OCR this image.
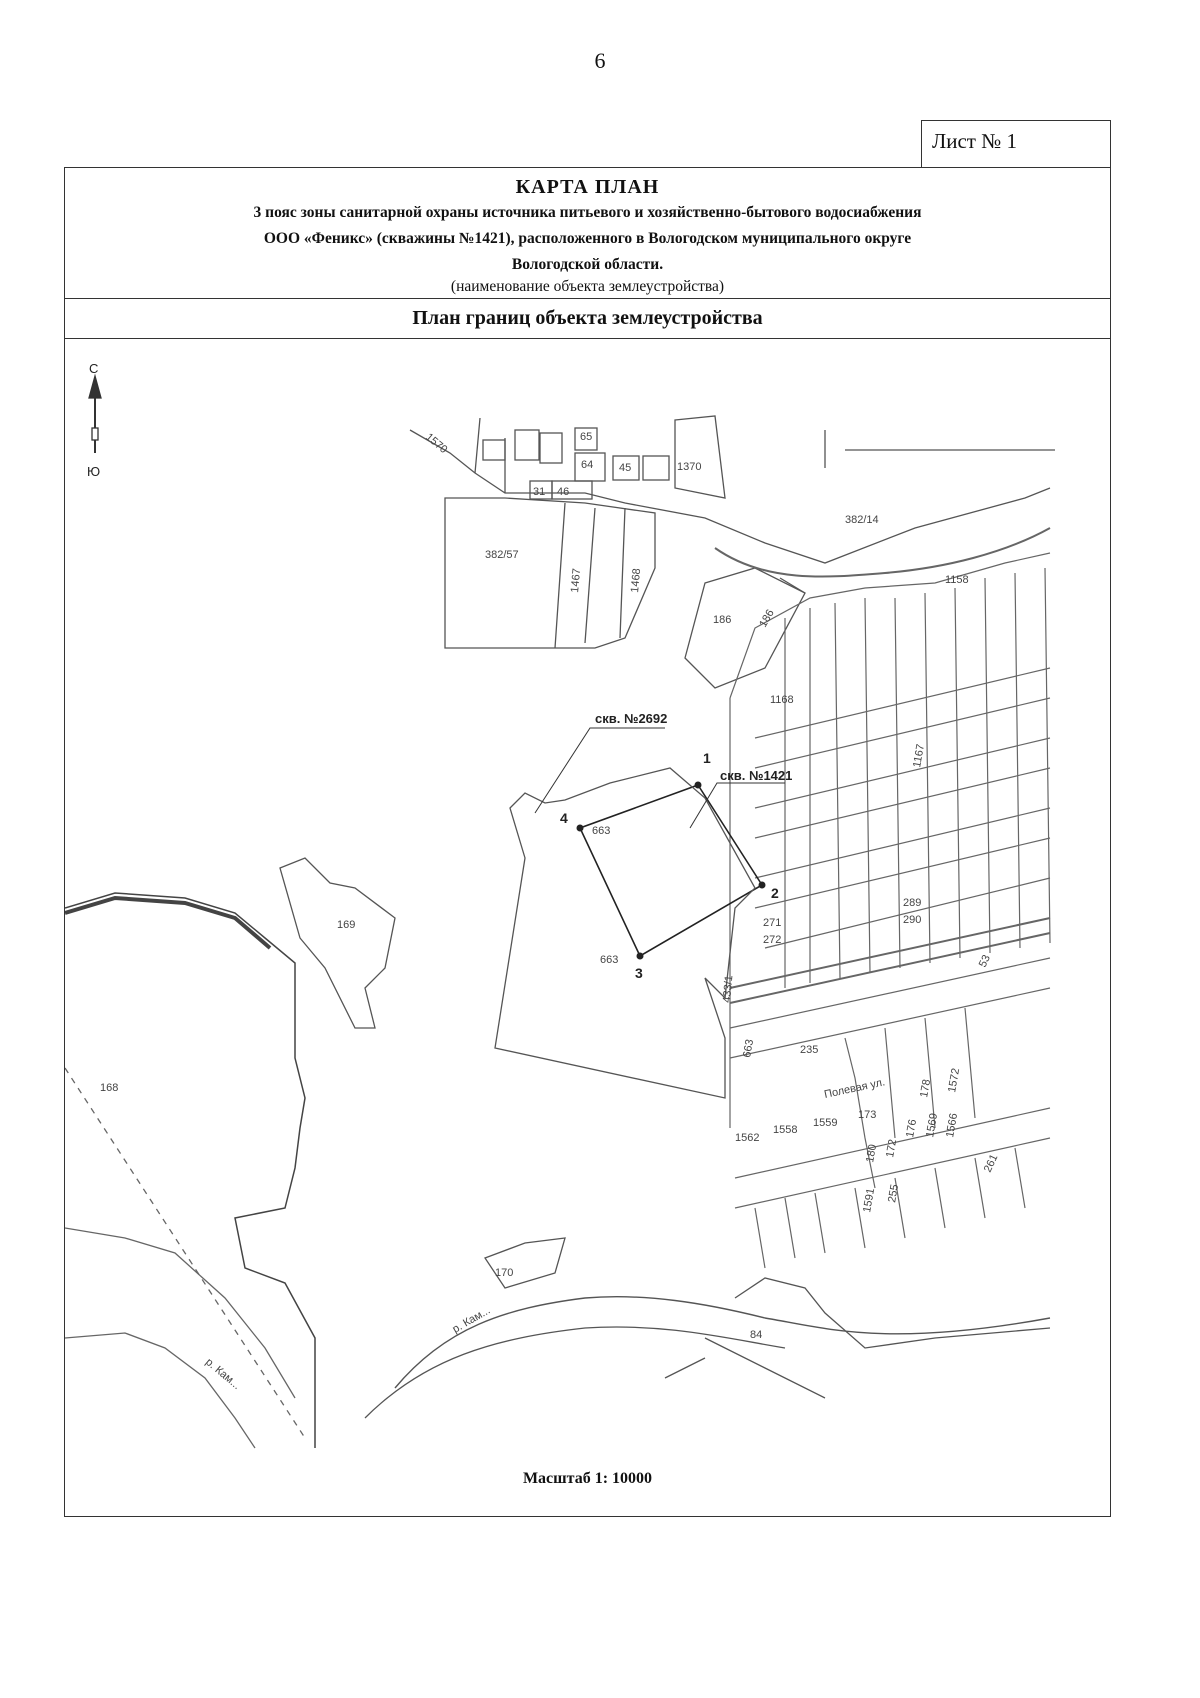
6
Лист № 1
КАРТА ПЛАН
3 пояс зоны санитарной охраны источника питьевого и хозяйственно-бытового водосиабжения
ООО «Феникс» (скважины №1421), расположенного в Вологодском муниципального округе
Вологодской области.
(наименование объекта землеустройства)
План границ объекта землеустройства
1570	65
64 45	1370
31 46
382/14
382/57
1467	1468
186 186
1158
1168
1167
663
663
663
169
168
271
272
289
290
433/1
235
53
178 1572
173
1559
1558
1562	176 1569 1566
172
180
255
1591
261
170
84
Полевая ул.
р. Кам...
р. Кам...
скв. №2692
скв. №1421
1
2
3
4
С
Ю
Масштаб 1: 10000
